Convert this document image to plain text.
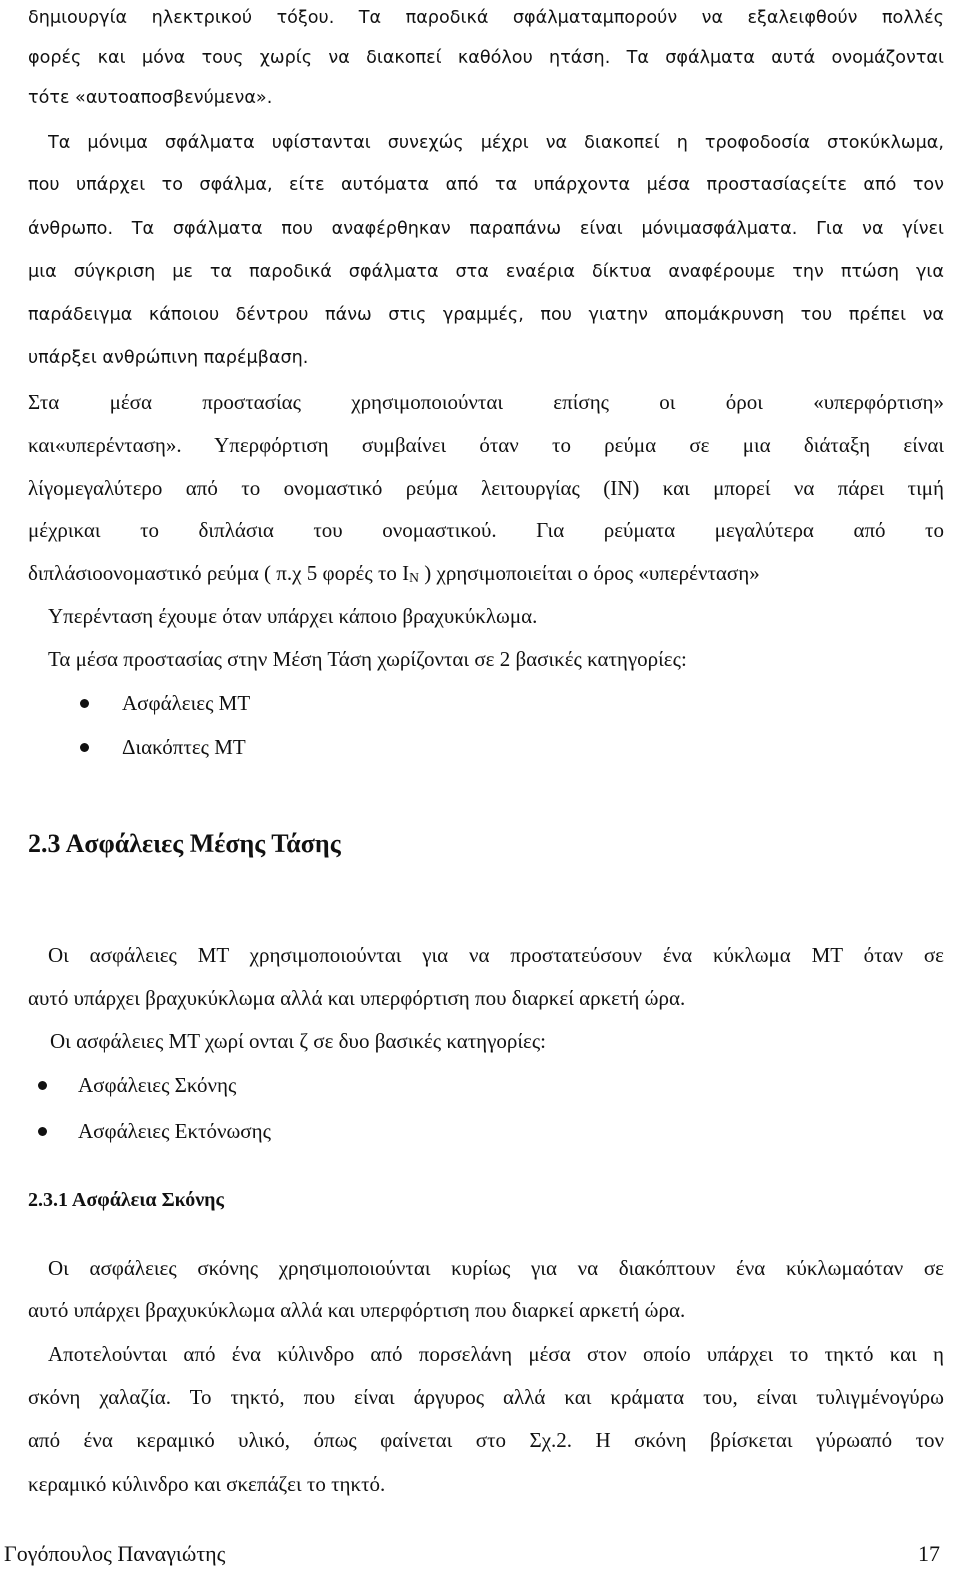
δημιουργία ηλεκτρικού τόξου. Τα παροδικά σφάλματαμπορούν να εξαλειφθούν πολλές
φορές και μόνα τους χωρίς να διακοπεί καθόλου ητάση. Τα σφάλματα αυτά ονομάζονται
τότε «αυτοαποσβενύμενα».
Τα μόνιμα σφάλματα υφίστανται συνεχώς μέχρι να διακοπεί η τροφοδοσία στοκύκλωμα,
που υπάρχει το σφάλμα, είτε αυτόματα από τα υπάρχοντα μέσα προστασίαςείτε από τον
άνθρωπο. Τα σφάλματα που αναφέρθηκαν παραπάνω είναι μόνιμασφάλματα. Για να γίνει
μια σύγκριση με τα παροδικά σφάλματα στα εναέρια δίκτυα αναφέρουμε την πτώση για
παράδειγμα κάποιου δέντρου πάνω στις γραμμές, που γιατην απομάκρυνση του πρέπει να
υπάρξει ανθρώπινη παρέμβαση.
Στα μέσα προστασίας χρησιμοποιούνται επίσης οι όροι «υπερφόρτιση»
και«υπερένταση». Υπερφόρτιση συμβαίνει όταν το ρεύμα σε μια διάταξη είναι
λίγομεγαλύτερο από το ονομαστικό ρεύμα λειτουργίας (IN) και μπορεί να πάρει τιμή
μέχρικαι το διπλάσια του ονομαστικού. Για ρεύματα μεγαλύτερα από το
διπλάσιοονομαστικό ρεύμα ( π.χ 5 φορές το $I_N$ ) χρησιμοποιείται ο όρος «υπερένταση»
Υπερένταση έχουμε όταν υπάρχει κάποιο βραχυκύκλωμα.
Τα μέσα προστασίας στην Μέση Τάση χωρίζονται σε 2 βασικές κατηγορίες:
Ασφάλειες ΜΤ
Διακόπτες ΜΤ
2.3 Ασφάλειες Μέσης Τάσης
Οι ασφάλειες ΜΤ χρησιμοποιούνται για να προστατεύσουν ένα κύκλωμα ΜΤ όταν σε
αυτό υπάρχει βραχυκύκλωμα αλλά και υπερφόρτιση που διαρκεί αρκετή ώρα.
Οι ασφάλειες ΜΤ χωρί ονται ζ σε δυο βασικές κατηγορίες:
Ασφάλειες Σκόνης
Ασφάλειες Εκτόνωσης
2.3.1 Ασφάλεια Σκόνης
Οι ασφάλειες σκόνης χρησιμοποιούνται κυρίως για να διακόπτουν ένα κύκλωμαόταν σε
αυτό υπάρχει βραχυκύκλωμα αλλά και υπερφόρτιση που διαρκεί αρκετή ώρα.
Αποτελούνται από ένα κύλινδρο από πορσελάνη μέσα στον οποίο υπάρχει το τηκτό και η
σκόνη χαλαζία. Το τηκτό, που είναι άργυρος αλλά και κράματα του, είναι τυλιγμένογύρω
από ένα κεραμικό υλικό, όπως φαίνεται στο Σχ.2. Η σκόνη βρίσκεται γύρωαπό τον
κεραμικό κύλινδρο και σκεπάζει το τηκτό.
Γογόπουλος Παναγιώτης	17
